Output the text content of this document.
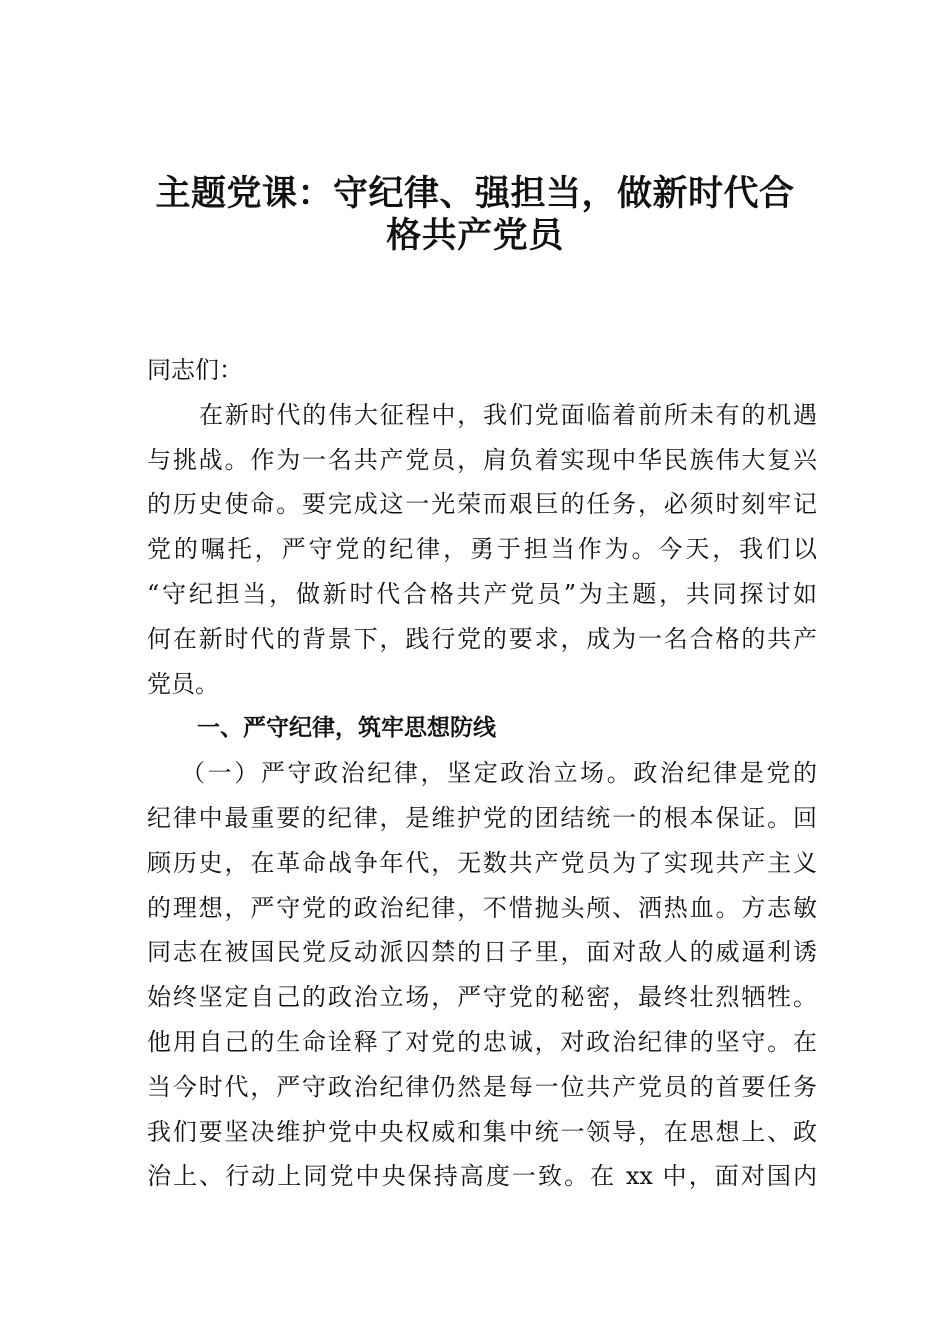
主题党课：守纪律、强担当，做新时代合
格共产党员
同志们：
在新时代的伟大征程中，我们党面临着前所未有的机遇
与挑战。作为一名共产党员，肩负着实现中华民族伟大复兴
的历史使命。要完成这一光荣而艰巨的任务，必须时刻牢记
党的嘱托，严守党的纪律，勇于担当作为。今天，我们以
“守纪担当，做新时代合格共产党员”为主题，共同探讨如
何在新时代的背景下，践行党的要求，成为一名合格的共产
党员。
一、严守纪律，筑牢思想防线
（一）严守政治纪律，坚定政治立场。政治纪律是党的
纪律中最重要的纪律，是维护党的团结统一的根本保证。回
顾历史，在革命战争年代，无数共产党员为了实现共产主义
的理想，严守党的政治纪律，不惜抛头颅、洒热血。方志敏
同志在被国民党反动派囚禁的日子里，面对敌人的威逼利诱
始终坚定自己的政治立场，严守党的秘密，最终壮烈牺牲。
他用自己的生命诠释了对党的忠诚，对政治纪律的坚守。在
当今时代，严守政治纪律仍然是每一位共产党员的首要任务
我们要坚决维护党中央权威和集中统一领导，在思想上、政
治上、行动上同党中央保持高度一致。在 xx 中，面对国内
